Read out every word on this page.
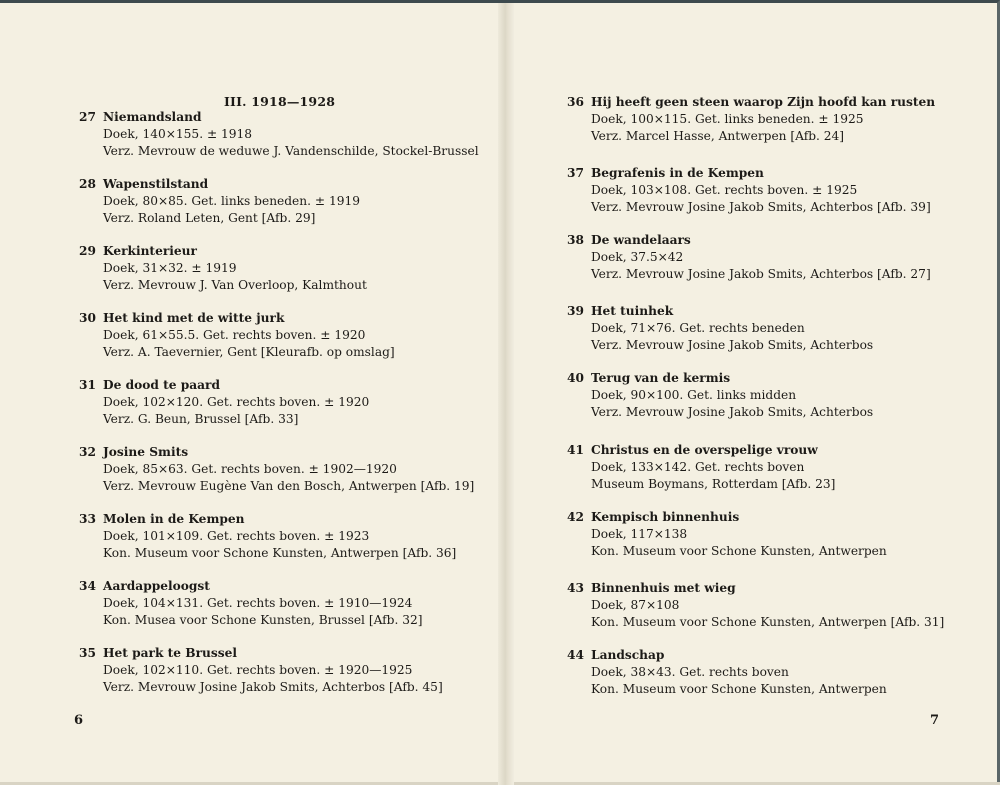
III. 1918—1928
27 Niemandsland
Doek, 140×155. ± 1918
Verz. Mevrouw de weduwe J. Vandenschilde, Stockel-Brussel
28 Wapenstilstand
Doek, 80×85. Get. links beneden. ± 1919
Verz. Roland Leten, Gent [Afb. 29]
29 Kerkinterieur
Doek, 31×32. ± 1919
Verz. Mevrouw J. Van Overloop, Kalmthout
30 Het kind met de witte jurk
Doek, 61×55.5. Get. rechts boven. ± 1920
Verz. A. Taevernier, Gent [Kleurafb. op omslag]
31 De dood te paard
Doek, 102×120. Get. rechts boven. ± 1920
Verz. G. Beun, Brussel [Afb. 33]
32 Josine Smits
Doek, 85×63. Get. rechts boven. ± 1902—1920
Verz. Mevrouw Eugène Van den Bosch, Antwerpen [Afb. 19]
33 Molen in de Kempen
Doek, 101×109. Get. rechts boven. ± 1923
Kon. Museum voor Schone Kunsten, Antwerpen [Afb. 36]
34 Aardappeloogst
Doek, 104×131. Get. rechts boven. ± 1910—1924
Kon. Musea voor Schone Kunsten, Brussel [Afb. 32]
35 Het park te Brussel
Doek, 102×110. Get. rechts boven. ± 1920—1925
Verz. Mevrouw Josine Jakob Smits, Achterbos [Afb. 45]
6
36 Hij heeft geen steen waarop Zijn hoofd kan rusten
Doek, 100×115. Get. links beneden. ± 1925
Verz. Marcel Hasse, Antwerpen [Afb. 24]
37 Begrafenis in de Kempen
Doek, 103×108. Get. rechts boven. ± 1925
Verz. Mevrouw Josine Jakob Smits, Achterbos [Afb. 39]
38 De wandelaars
Doek, 37.5×42
Verz. Mevrouw Josine Jakob Smits, Achterbos [Afb. 27]
39 Het tuinhek
Doek, 71×76. Get. rechts beneden
Verz. Mevrouw Josine Jakob Smits, Achterbos
40 Terug van de kermis
Doek, 90×100. Get. links midden
Verz. Mevrouw Josine Jakob Smits, Achterbos
41 Christus en de overspelige vrouw
Doek, 133×142. Get. rechts boven
Museum Boymans, Rotterdam [Afb. 23]
42 Kempisch binnenhuis
Doek, 117×138
Kon. Museum voor Schone Kunsten, Antwerpen
43 Binnenhuis met wieg
Doek, 87×108
Kon. Museum voor Schone Kunsten, Antwerpen [Afb. 31]
44 Landschap
Doek, 38×43. Get. rechts boven
Kon. Museum voor Schone Kunsten, Antwerpen
7
